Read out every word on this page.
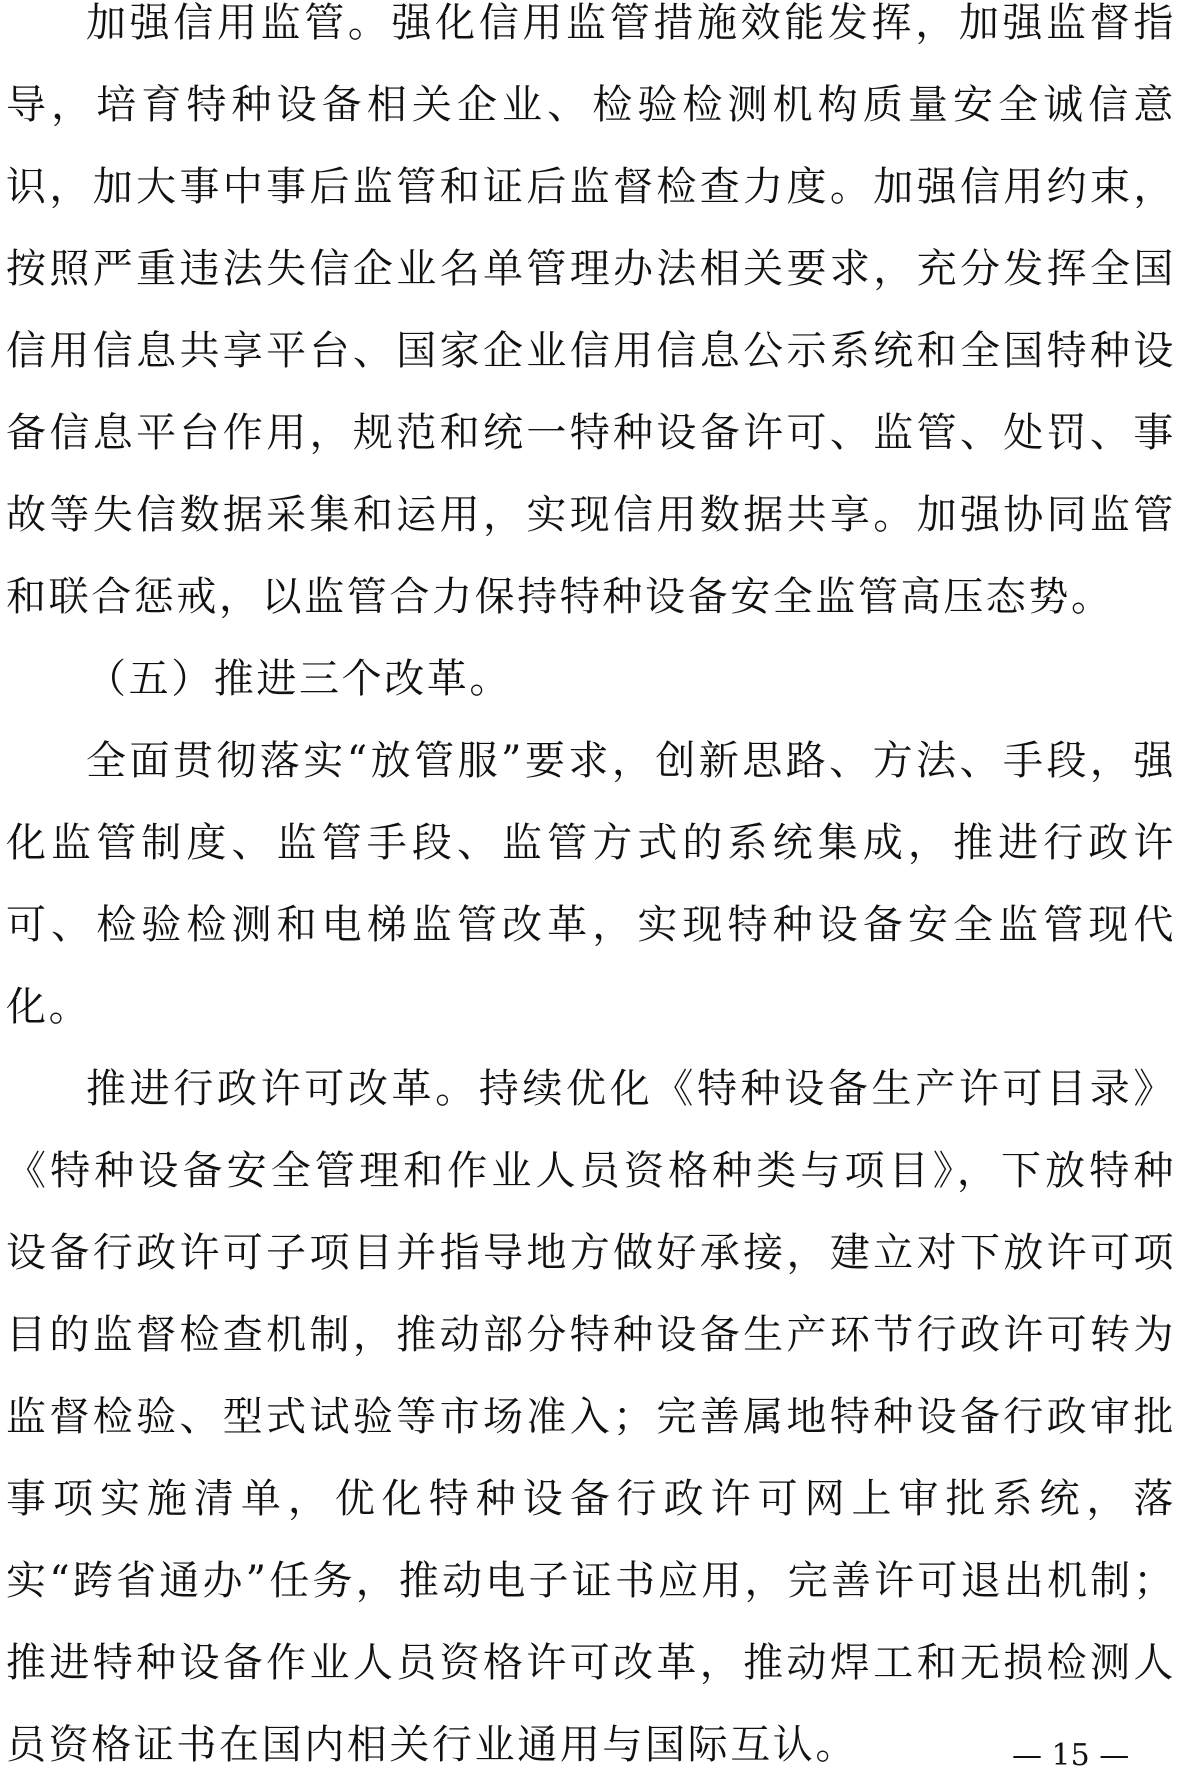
加强信用监管。强化信用监管措施效能发挥，加强监督指导，培育特种设备相关企业、检验检测机构质量安全诚信意识，加大事中事后监管和证后监督检查力度。加强信用约束，按照严重违法失信企业名单管理办法相关要求，充分发挥全国信用信息共享平台、国家企业信用信息公示系统和全国特种设备信息平台作用，规范和统一特种设备许可、监管、处罚、事故等失信数据采集和运用，实现信用数据共享。加强协同监管和联合惩戒，以监管合力保持特种设备安全监管高压态势。

（五）推进三个改革。

全面贯彻落实“放管服”要求，创新思路、方法、手段，强化监管制度、监管手段、监管方式的系统集成，推进行政许可、检验检测和电梯监管改革，实现特种设备安全监管现代化。

推进行政许可改革。持续优化《特种设备生产许可目录》《特种设备安全管理和作业人员资格种类与项目》，下放特种设备行政许可子项目并指导地方做好承接，建立对下放许可项目的监督检查机制，推动部分特种设备生产环节行政许可转为监督检验、型式试验等市场准入；完善属地特种设备行政审批事项实施清单，优化特种设备行政许可网上审批系统，落实“跨省通办”任务，推动电子证书应用，完善许可退出机制；推进特种设备作业人员资格许可改革，推动焊工和无损检测人员资格证书在国内相关行业通用与国际互认。	— 15 —
